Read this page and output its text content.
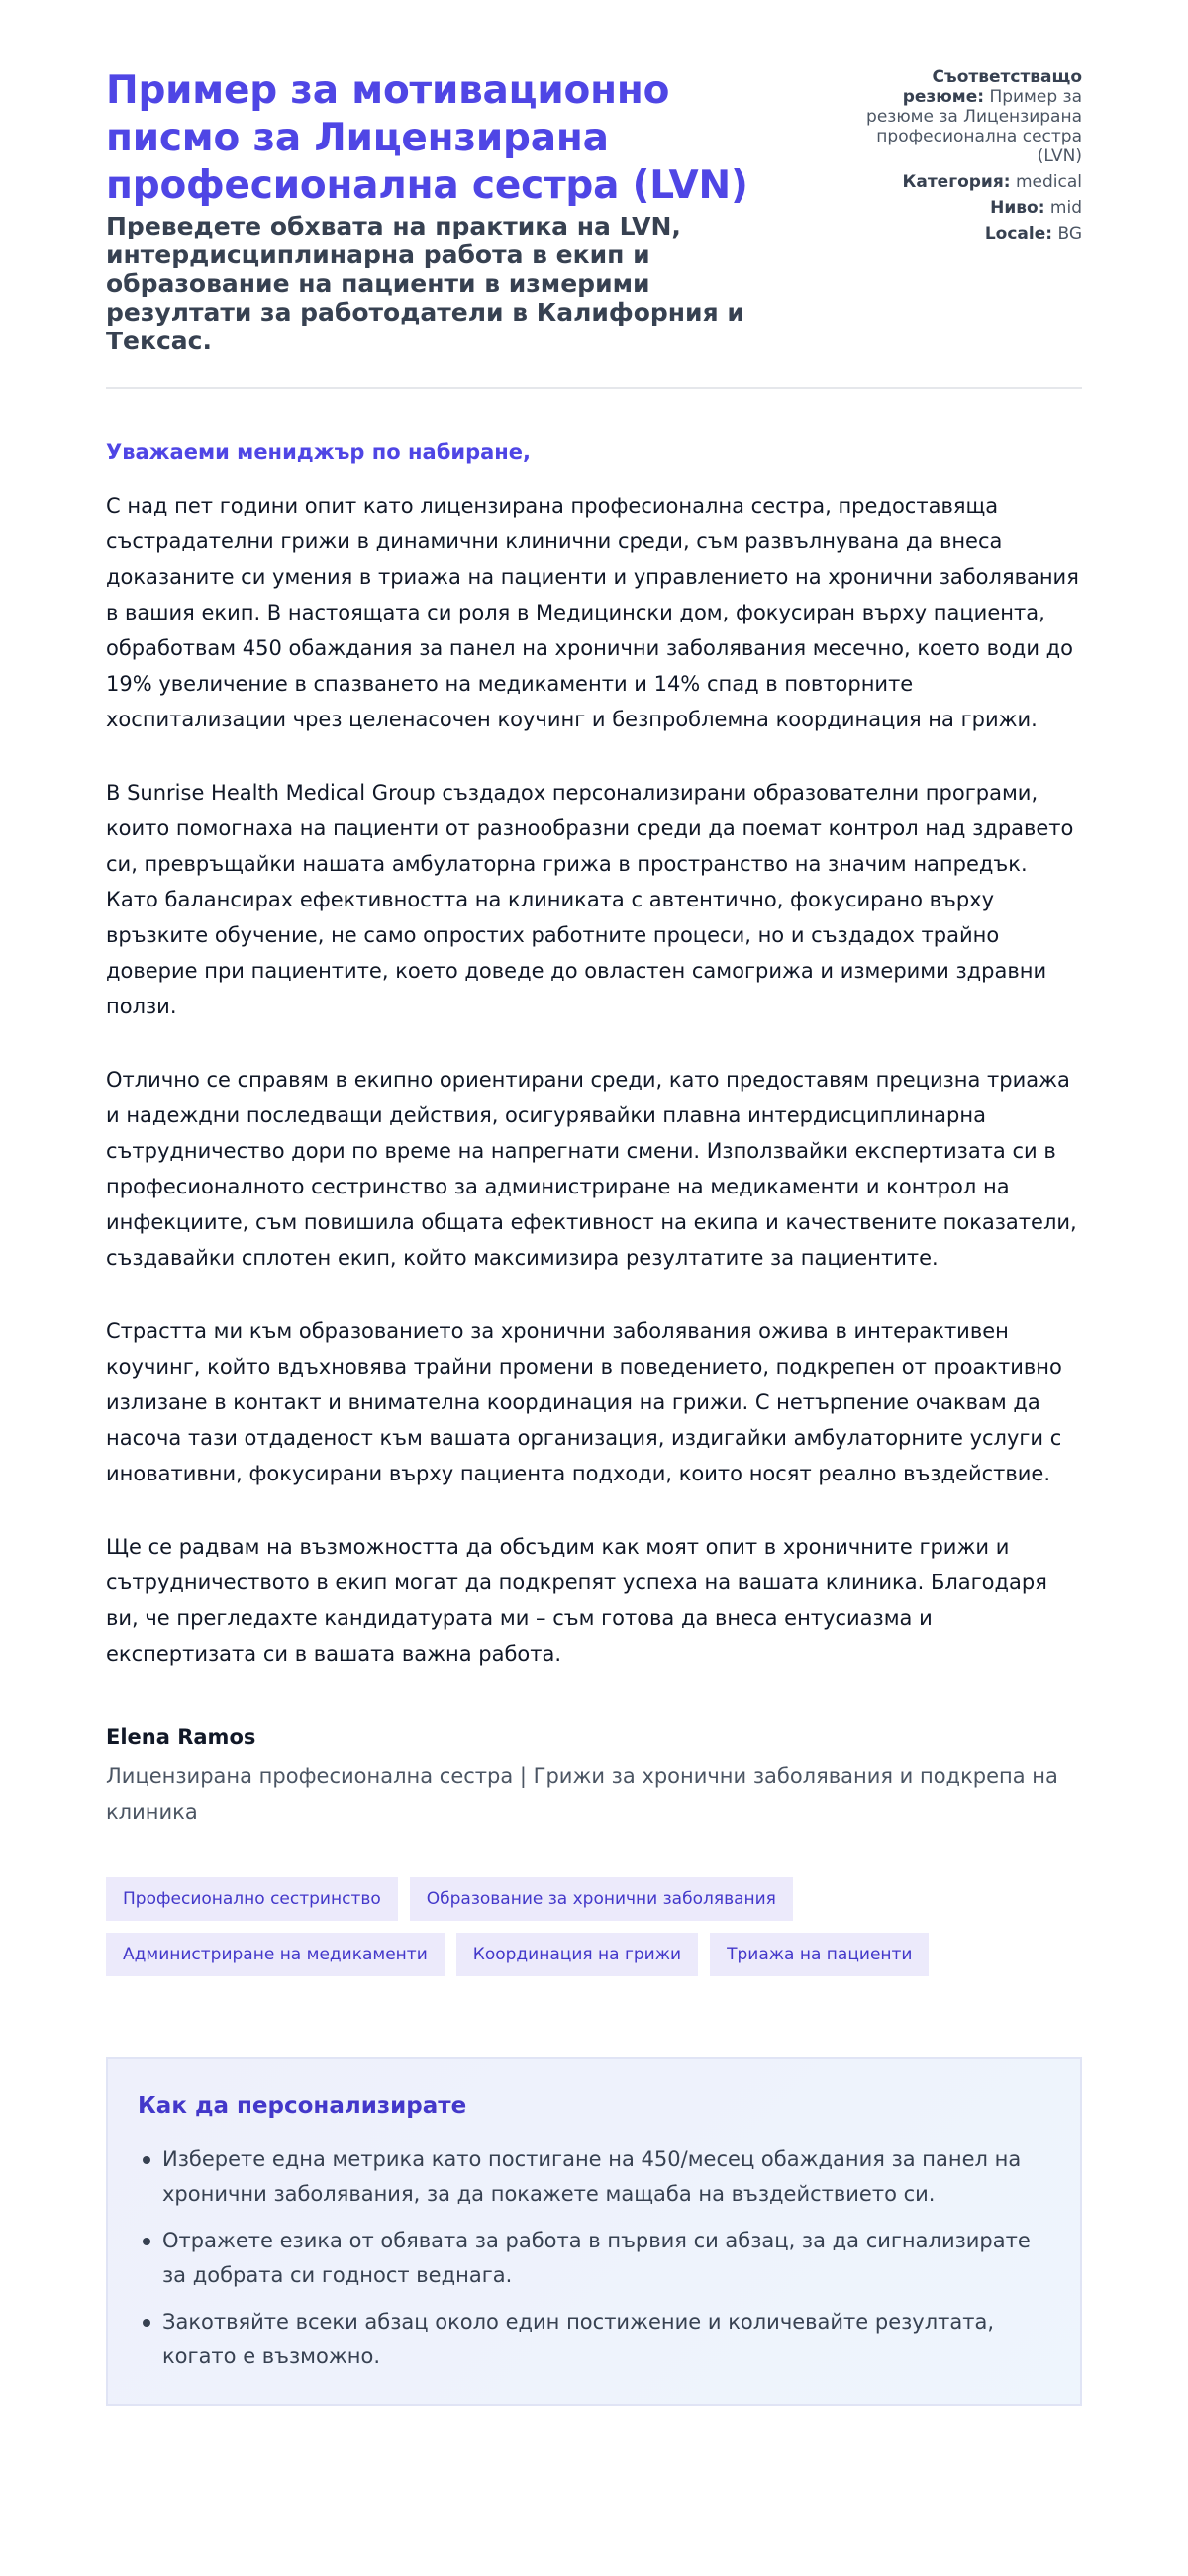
Пример за мотивационно писмо за Лицензирана професионална сестра (LVN)
Преведете обхвата на практика на LVN, интердисциплинарна работа в екип и образование на пациенти в измерими резултати за работодатели в Калифорния и Тексас.
Съответстващо резюме: Пример за резюме за Лицензирана професионална сестра (LVN)
Категория: medical
Ниво: mid
Locale: BG

Уважаеми мениджър по набиране,

С над пет години опит като лицензирана професионална сестра, предоставяща състрадателни грижи в динамични клинични среди, съм развълнувана да внеса доказаните си умения в триажа на пациенти и управлението на хронични заболявания в вашия екип. В настоящата си роля в Медицински дом, фокусиран върху пациента, обработвам 450 обаждания за панел на хронични заболявания месечно, което води до 19% увеличение в спазването на медикаменти и 14% спад в повторните хоспитализации чрез целенасочен коучинг и безпроблемна координация на грижи.

В Sunrise Health Medical Group създадох персонализирани образователни програми, които помогнаха на пациенти от разнообразни среди да поемат контрол над здравето си, превръщайки нашата амбулаторна грижа в пространство на значим напредък. Като балансирах ефективността на клиниката с автентично, фокусирано върху връзките обучение, не само опростих работните процеси, но и създадох трайно доверие при пациентите, което доведе до овластен самогрижа и измерими здравни ползи.

Отлично се справям в екипно ориентирани среди, като предоставям прецизна триажа и надеждни последващи действия, осигурявайки плавна интердисциплинарна сътрудничество дори по време на напрегнати смени. Използвайки експертизата си в професионалното сестринство за администриране на медикаменти и контрол на инфекциите, съм повишила общата ефективност на екипа и качествените показатели, създавайки сплотен екип, който максимизира резултатите за пациентите.

Страстта ми към образованието за хронични заболявания ожива в интерактивен коучинг, който вдъхновява трайни промени в поведението, подкрепен от проактивно излизане в контакт и внимателна координация на грижи. С нетърпение очаквам да насоча тази отдаденост към вашата организация, издигайки амбулаторните услуги с иновативни, фокусирани върху пациента подходи, които носят реално въздействие.

Ще се радвам на възможността да обсъдим как моят опит в хроничните грижи и сътрудничеството в екип могат да подкрепят успеха на вашата клиника. Благодаря ви, че прегледахте кандидатурата ми – съм готова да внеса ентусиазма и експертизата си в вашата важна работа.

Elena Ramos

Лицензирана професионална сестра | Грижи за хронични заболявания и подкрепа на клиника

Професионално сестринство	Образование за хронични заболявания
Администриране на медикаменти	Координация на грижи	Триажа на пациенти
Как да персонализирате
Изберете една метрика като постигане на 450/месец обаждания за панел на хронични заболявания, за да покажете мащаба на въздействието си.
Отражете езика от обявата за работа в първия си абзац, за да сигнализирате за добрата си годност веднага.
Закотвяйте всеки абзац около един постижение и количевайте резултата, когато е възможно.
